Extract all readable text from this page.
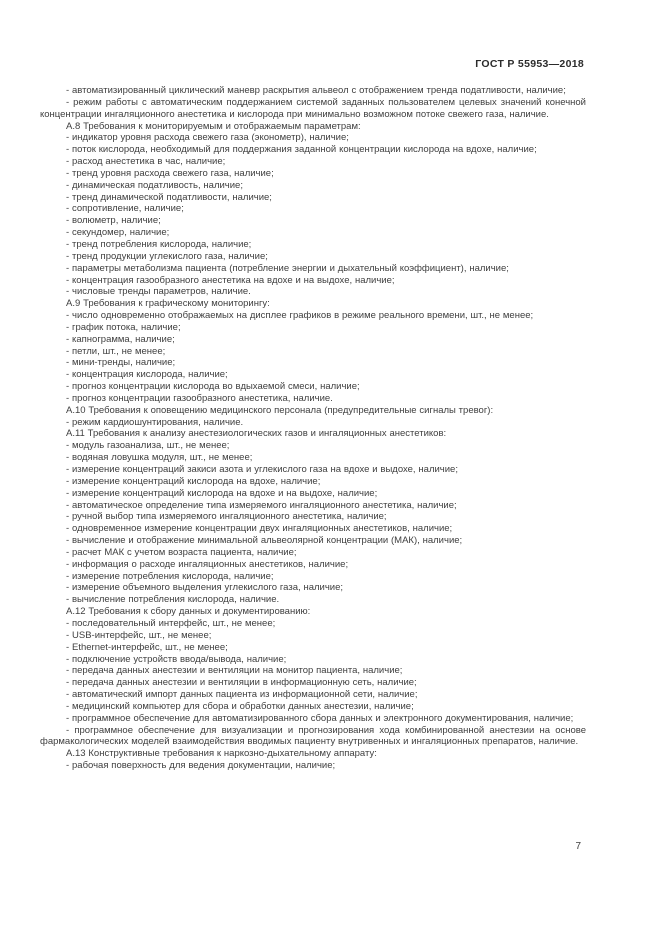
ГОСТ Р 55953—2018

- автоматизированный циклический маневр раскрытия альвеол с отображением тренда податливости, наличие;

- режим работы с автоматическим поддержанием системой заданных пользователем целевых значений конечной концентрации ингаляционного анестетика и кислорода при минимально возможном потоке свежего газа, наличие.

А.8 Требования к мониторируемым и отображаемым параметрам:

- индикатор уровня расхода свежего газа (эконометр), наличие;

- поток кислорода, необходимый для поддержания заданной концентрации кислорода на вдохе, наличие;

- расход анестетика в час, наличие;

- тренд уровня расхода свежего газа, наличие;

- динамическая податливость, наличие;

- тренд динамической податливости, наличие;

- сопротивление, наличие;

- волюметр, наличие;

- секундомер, наличие;

- тренд потребления кислорода, наличие;

- тренд продукции углекислого газа, наличие;

- параметры метаболизма пациента (потребление энергии и дыхательный коэффициент), наличие;

- концентрация газообразного анестетика на вдохе и на выдохе, наличие;

- числовые тренды параметров, наличие.

А.9 Требования к графическому мониторингу:

- число одновременно отображаемых на дисплее графиков в режиме реального времени, шт., не менее;

- график потока, наличие;

- капнограмма, наличие;

- петли, шт., не менее;

- мини-тренды, наличие;

- концентрация кислорода, наличие;

- прогноз концентрации кислорода во вдыхаемой смеси, наличие;

- прогноз концентрации газообразного анестетика, наличие.

А.10 Требования к оповещению медицинского персонала (предупредительные сигналы тревог):

- режим кардиошунтирования, наличие.

А.11 Требования к анализу анестезиологических газов и ингаляционных анестетиков:

- модуль газоанализа, шт., не менее;

- водяная ловушка модуля, шт., не менее;

- измерение концентраций закиси азота и углекислого газа на вдохе и выдохе, наличие;

- измерение концентраций кислорода на вдохе, наличие;

- измерение концентраций кислорода на вдохе и на выдохе, наличие;

- автоматическое определение типа измеряемого ингаляционного анестетика, наличие;

- ручной выбор типа измеряемого ингаляционного анестетика, наличие;

- одновременное измерение концентрации двух ингаляционных анестетиков, наличие;

- вычисление и отображение минимальной альвеолярной концентрации (МАК), наличие;

- расчет МАК с учетом возраста пациента, наличие;

- информация о расходе ингаляционных анестетиков, наличие;

- измерение потребления кислорода, наличие;

- измерение объемного выделения углекислого газа, наличие;

- вычисление потребления кислорода, наличие.

А.12 Требования к сбору данных и документированию:

- последовательный интерфейс, шт., не менее;

- USB-интерфейс, шт., не менее;

- Ethernet-интерфейс, шт., не менее;

- подключение устройств ввода/вывода, наличие;

- передача данных анестезии и вентиляции на монитор пациента, наличие;

- передача данных анестезии и вентиляции в информационную сеть, наличие;

- автоматический импорт данных пациента из информационной сети, наличие;

- медицинский компьютер для сбора и обработки данных анестезии, наличие;

- программное обеспечение для автоматизированного сбора данных и электронного документирования, наличие;

- программное обеспечение для визуализации и прогнозирования хода комбинированной анестезии на основе фармакологических моделей взаимодействия вводимых пациенту внутривенных и ингаляционных препаратов, наличие.

А.13 Конструктивные требования к наркозно-дыхательному аппарату:

- рабочая поверхность для ведения документации, наличие;

7
